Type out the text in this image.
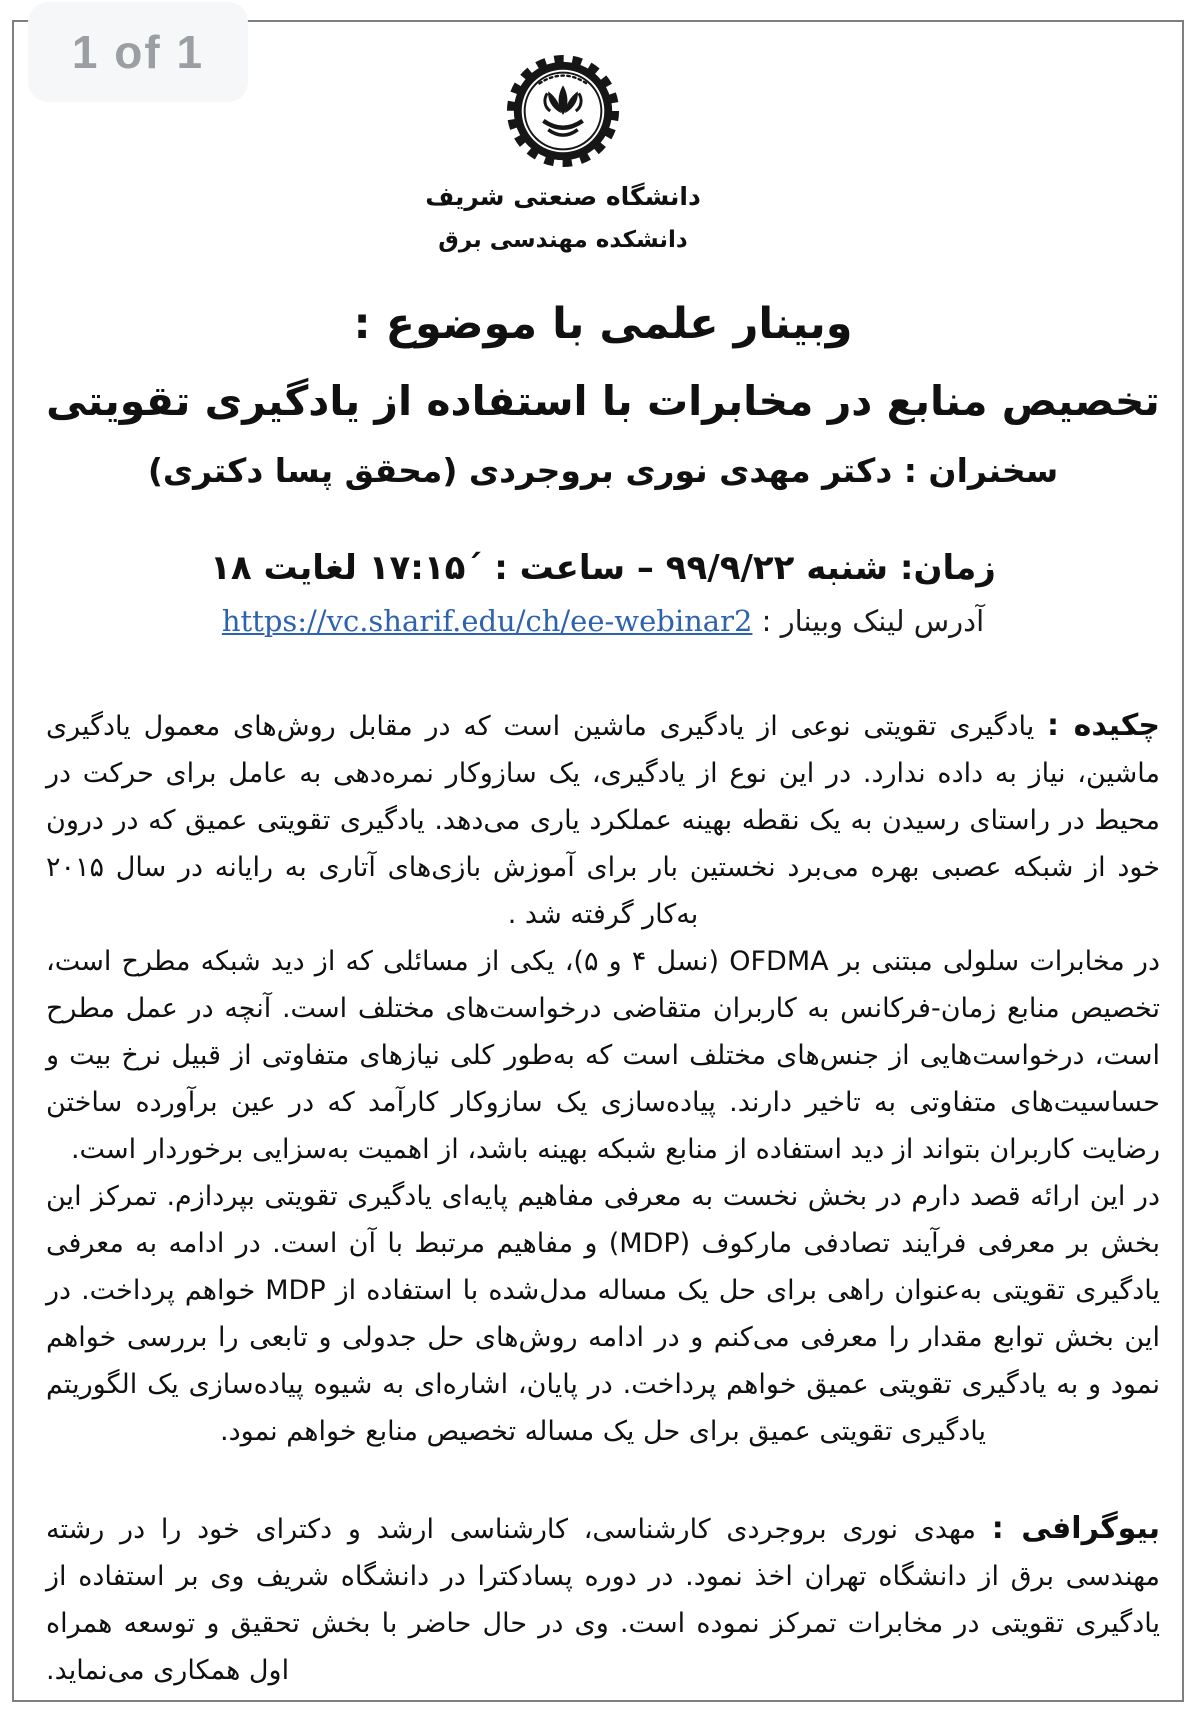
1 of 1
دانشگاه صنعتی شریف
دانشکده مهندسی برق
وبینار علمی با موضوع :
تخصیص منابع در مخابرات با استفاده از یادگیری تقویتی
سخنران : دکتر مهدی نوری بروجردی (محقق پسا دکتری)
زمان: شنبه ۹۹/۹/۲۲ – ساعت : ´۱۷:۱۵ لغایت ۱۸
آدرس لینک وبینار : https://vc.sharif.edu/ch/ee-webinar2

چکیده : یادگیری تقویتی نوعی از یادگیری ماشین است که در مقابل روش‌های معمول یادگیری ماشین، نیاز به داده ندارد. در این نوع از یادگیری، یک سازوکار نمره‌دهی به عامل برای حرکت در محیط در راستای رسیدن به یک نقطه بهینه عملکرد یاری می‌دهد. یادگیری تقویتی عمیق که در درون خود از شبکه عصبی بهره می‌برد نخستین بار برای آموزش بازی‌های آتاری به رایانه در سال ۲۰۱۵ به‌کار گرفته شد .

در مخابرات سلولی مبتنی بر OFDMA (نسل ۴ و ۵)، یکی از مسائلی که از دید شبکه مطرح است، تخصیص منابع زمان-فرکانس به کاربران متقاضی درخواست‌های مختلف است. آنچه در عمل مطرح است، درخواست‌هایی از جنس‌های مختلف است که به‌طور کلی نیازهای متفاوتی از قبیل نرخ بیت و حساسیت‌های متفاوتی به تاخیر دارند. پیاده‌سازی یک سازوکار کارآمد که در عین برآورده ساختن رضایت کاربران بتواند از دید استفاده از منابع شبکه بهینه باشد، از اهمیت به‌سزایی برخوردار است.

در این ارائه قصد دارم در بخش نخست به معرفی مفاهیم پایه‌ای یادگیری تقویتی بپردازم. تمرکز این بخش بر معرفی فرآیند تصادفی مارکوف (MDP) و مفاهیم مرتبط با آن است. در ادامه به معرفی یادگیری تقویتی به‌عنوان راهی برای حل یک مساله مدل‌شده با استفاده از MDP خواهم پرداخت. در این بخش توابع مقدار را معرفی می‌کنم و در ادامه روش‌های حل جدولی و تابعی را بررسی خواهم نمود و به یادگیری تقویتی عمیق خواهم پرداخت. در پایان، اشاره‌ای به شیوه پیاده‌سازی یک الگوریتم یادگیری تقویتی عمیق برای حل یک مساله تخصیص منابع خواهم نمود.

بیوگرافی : مهدی نوری بروجردی کارشناسی، کارشناسی ارشد و دکترای خود را در رشته مهندسی برق از دانشگاه تهران اخذ نمود. در دوره پسادکترا در دانشگاه شریف وی بر استفاده از یادگیری تقویتی در مخابرات تمرکز نموده است. وی در حال حاضر با بخش تحقیق و توسعه همراه اول همکاری می‌نماید.
